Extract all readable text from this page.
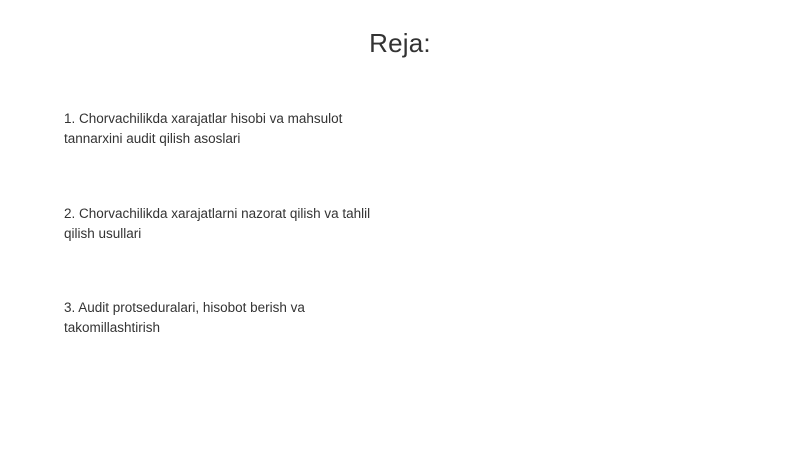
Reja:

1. Chorvachilikda xarajatlar hisobi va mahsulot tannarxini audit qilish asoslari

2. Chorvachilikda xarajatlarni nazorat qilish va tahlil qilish usullari

3. Audit protseduralari, hisobot berish va takomillashtirish
